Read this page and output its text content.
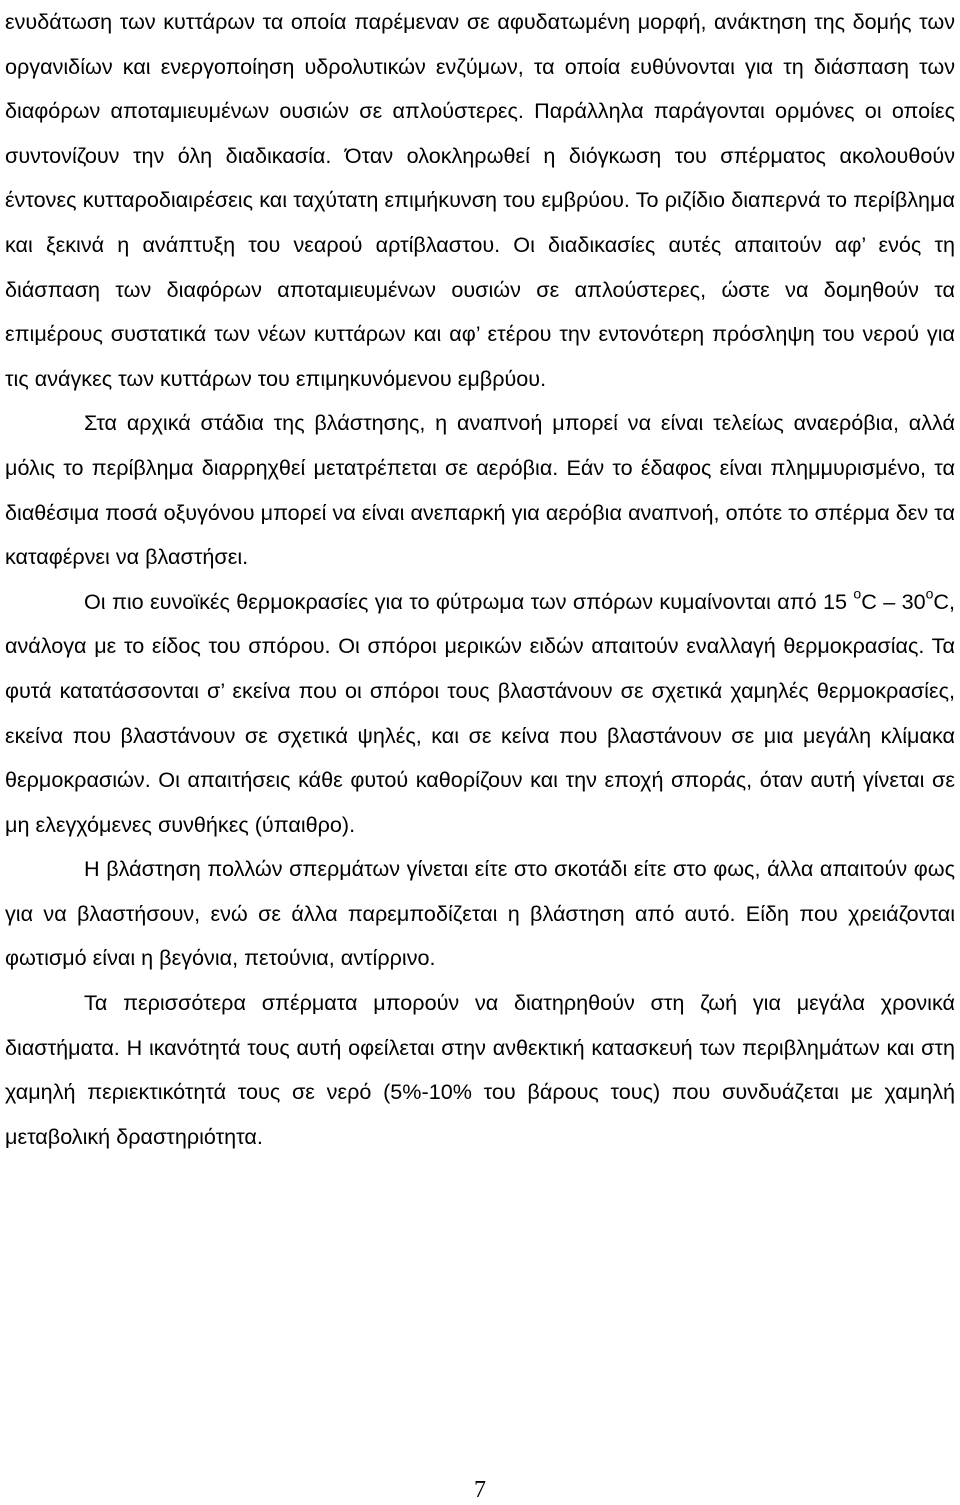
ενυδάτωση των κυττάρων τα οποία παρέμεναν σε αφυδατωμένη μορφή, ανάκτηση της δομής των οργανιδίων και ενεργοποίηση υδρολυτικών ενζύμων, τα οποία ευθύνονται για τη διάσπαση των διαφόρων αποταμιευμένων ουσιών σε απλούστερες. Παράλληλα παράγονται ορμόνες οι οποίες συντονίζουν την όλη διαδικασία. Όταν ολοκληρωθεί η διόγκωση του σπέρματος ακολουθούν έντονες κυτταροδιαιρέσεις και ταχύτατη επιμήκυνση του εμβρύου. Το ριζίδιο διαπερνά το περίβλημα και ξεκινά η ανάπτυξη του νεαρού αρτίβλαστου. Οι διαδικασίες αυτές απαιτούν αφ’ ενός τη διάσπαση των διαφόρων αποταμιευμένων ουσιών σε απλούστερες, ώστε να δομηθούν τα επιμέρους συστατικά των νέων κυττάρων και αφ’ ετέρου την εντονότερη πρόσληψη του νερού για τις ανάγκες των κυττάρων του επιμηκυνόμενου εμβρύου.

Στα αρχικά στάδια της βλάστησης, η αναπνοή μπορεί να είναι τελείως αναερόβια, αλλά μόλις το περίβλημα διαρρηχθεί μετατρέπεται σε αερόβια. Εάν το έδαφος είναι πλημμυρισμένο, τα διαθέσιμα ποσά οξυγόνου μπορεί να είναι ανεπαρκή για αερόβια αναπνοή, οπότε το σπέρμα δεν τα καταφέρνει να βλαστήσει.

Οι πιο ευνοϊκές θερμοκρασίες για το φύτρωμα των σπόρων κυμαίνονται από 15 $^oC - 30^oC$, ανάλογα με το είδος του σπόρου. Οι σπόροι μερικών ειδών απαιτούν εναλλαγή θερμοκρασίας. Τα φυτά κατατάσσονται σ’ εκείνα που οι σπόροι τους βλαστάνουν σε σχετικά χαμηλές θερμοκρασίες, εκείνα που βλαστάνουν σε σχετικά ψηλές, και σε κείνα που βλαστάνουν σε μια μεγάλη κλίμακα θερμοκρασιών. Οι απαιτήσεις κάθε φυτού καθορίζουν και την εποχή σποράς, όταν αυτή γίνεται σε μη ελεγχόμενες συνθήκες (ύπαιθρο).

Η βλάστηση πολλών σπερμάτων γίνεται είτε στο σκοτάδι είτε στο φως, άλλα απαιτούν φως για να βλαστήσουν, ενώ σε άλλα παρεμποδίζεται η βλάστηση από αυτό. Είδη που χρειάζονται φωτισμό είναι η βεγόνια, πετούνια, αντίρρινο.

Τα περισσότερα σπέρματα μπορούν να διατηρηθούν στη ζωή για μεγάλα χρονικά διαστήματα. Η ικανότητά τους αυτή οφείλεται στην ανθεκτική κατασκευή των περιβλημάτων και στη χαμηλή περιεκτικότητά τους σε νερό (5%-10% του βάρους τους) που συνδυάζεται με χαμηλή μεταβολική δραστηριότητα.

7
